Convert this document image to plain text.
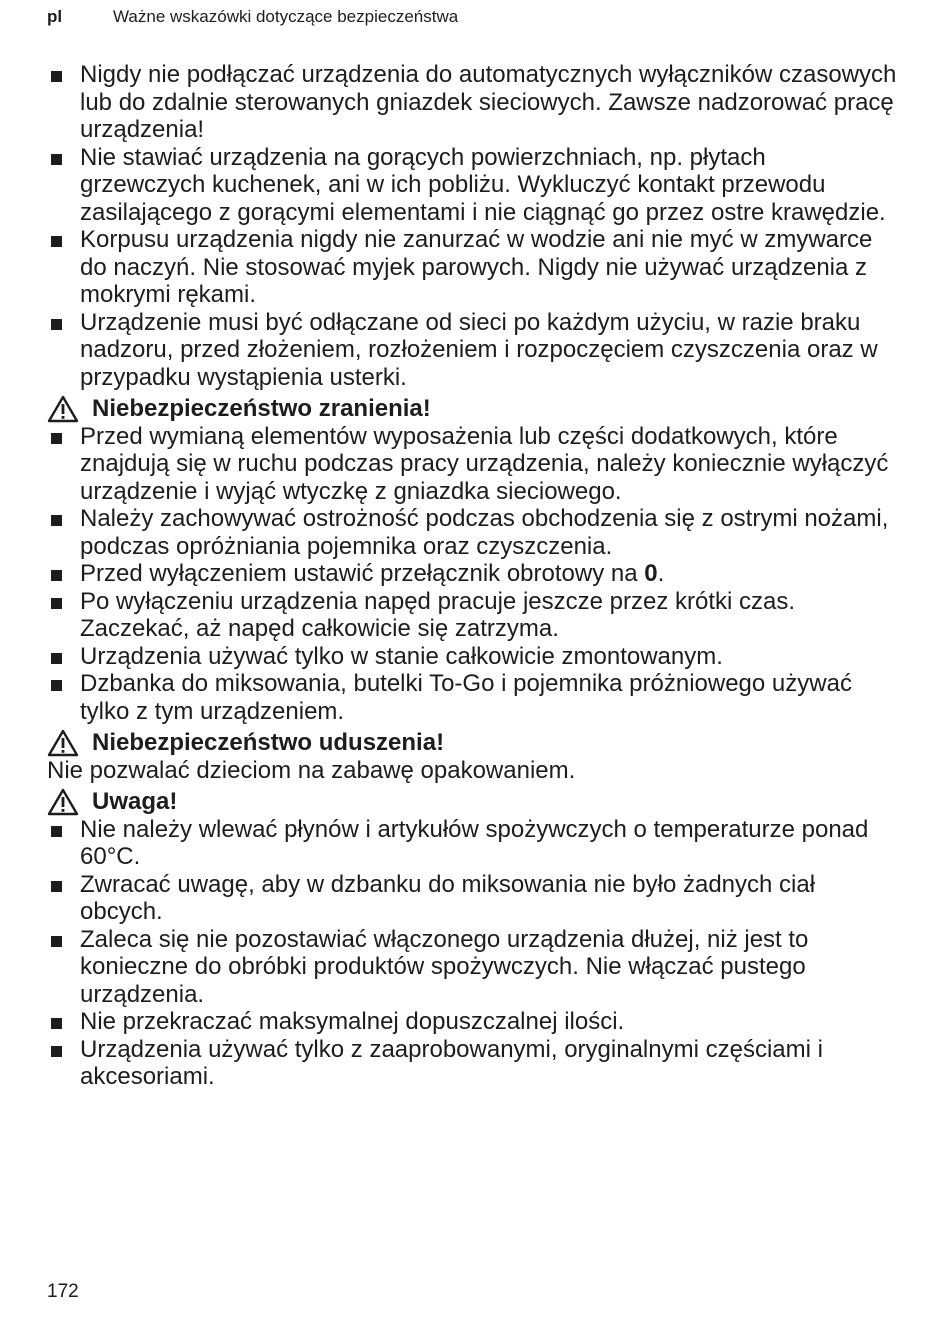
pl	Ważne wskazówki dotyczące bezpieczeństwa
Nigdy nie podłączać urządzenia do automatycznych wyłączników czasowych lub do zdalnie sterowanych gniazdek sieciowych. Zawsze nadzorować pracę urządzenia!
Nie stawiać urządzenia na gorących powierzchniach, np. płytach grzewczych kuchenek, ani w ich pobliżu. Wykluczyć kontakt przewodu zasilającego z gorącymi elementami i nie ciągnąć go przez ostre krawędzie.
Korpusu urządzenia nigdy nie zanurzać w wodzie ani nie myć w zmywarce do naczyń. Nie stosować myjek parowych. Nigdy nie używać urządzenia z mokrymi rękami.
Urządzenie musi być odłączane od sieci po każdym użyciu, w razie braku nadzoru, przed złożeniem, rozłożeniem i rozpoczęciem czyszczenia oraz w przypadku wystąpienia usterki.
Niebezpieczeństwo zranienia!
Przed wymianą elementów wyposażenia lub części dodatkowych, które znajdują się w ruchu podczas pracy urządzenia, należy koniecznie wyłączyć urządzenie i wyjąć wtyczkę z gniazdka sieciowego.
Należy zachowywać ostrożność podczas obchodzenia się z ostrymi nożami, podczas opróżniania pojemnika oraz czyszczenia.
Przed wyłączeniem ustawić przełącznik obrotowy na 0.
Po wyłączeniu urządzenia napęd pracuje jeszcze przez krótki czas. Zaczekać, aż napęd całkowicie się zatrzyma.
Urządzenia używać tylko w stanie całkowicie zmontowanym.
Dzbanka do miksowania, butelki To-Go i pojemnika próżniowego używać tylko z tym urządzeniem.
Niebezpieczeństwo uduszenia!
Nie pozwalać dzieciom na zabawę opakowaniem.
Uwaga!
Nie należy wlewać płynów i artykułów spożywczych o temperaturze ponad 60°C.
Zwracać uwagę, aby w dzbanku do miksowania nie było żadnych ciał obcych.
Zaleca się nie pozostawiać włączonego urządzenia dłużej, niż jest to konieczne do obróbki produktów spożywczych. Nie włączać pustego urządzenia.
Nie przekraczać maksymalnej dopuszczalnej ilości.
Urządzenia używać tylko z zaaprobowanymi, oryginalnymi częściami i akcesoriami.
172
